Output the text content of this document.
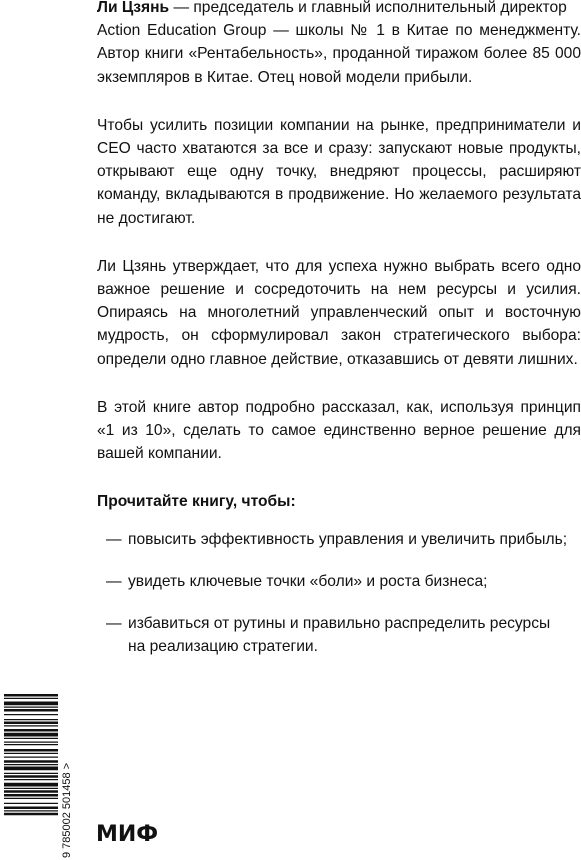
Ли Цзянь — председатель и главный исполнительный директор
Action Education Group — школы № 1 в Китае по менеджменту. Автор книги «Рентабельность», проданной тиражом более 85 000 экземпляров в Китае. Отец новой модели прибыли.

Чтобы усилить позиции компании на рынке, предприниматели и CEO часто хватаются за все и сразу: запускают новые продукты, открывают еще одну точку, внедряют процессы, расширяют команду, вкладываются в продвижение. Но желаемого результата не достигают.

Ли Цзянь утверждает, что для успеха нужно выбрать всего одно важное решение и сосредоточить на нем ресурсы и усилия. Опираясь на многолетний управленческий опыт и восточную мудрость, он сформулировал закон стратегического выбора: определи одно главное действие, отказавшись от девяти лишних.

В этой книге автор подробно рассказал, как, используя принцип «1 из 10», сделать то самое единственно верное решение для вашей компании.

Прочитайте книгу, чтобы:

— повысить эффективность управления и увеличить прибыль;
— увидеть ключевые точки «боли» и роста бизнеса;
— избавиться от рутины и правильно распределить ресурсы
на реализацию стратегии.
9 785002 501458 > МИФ
